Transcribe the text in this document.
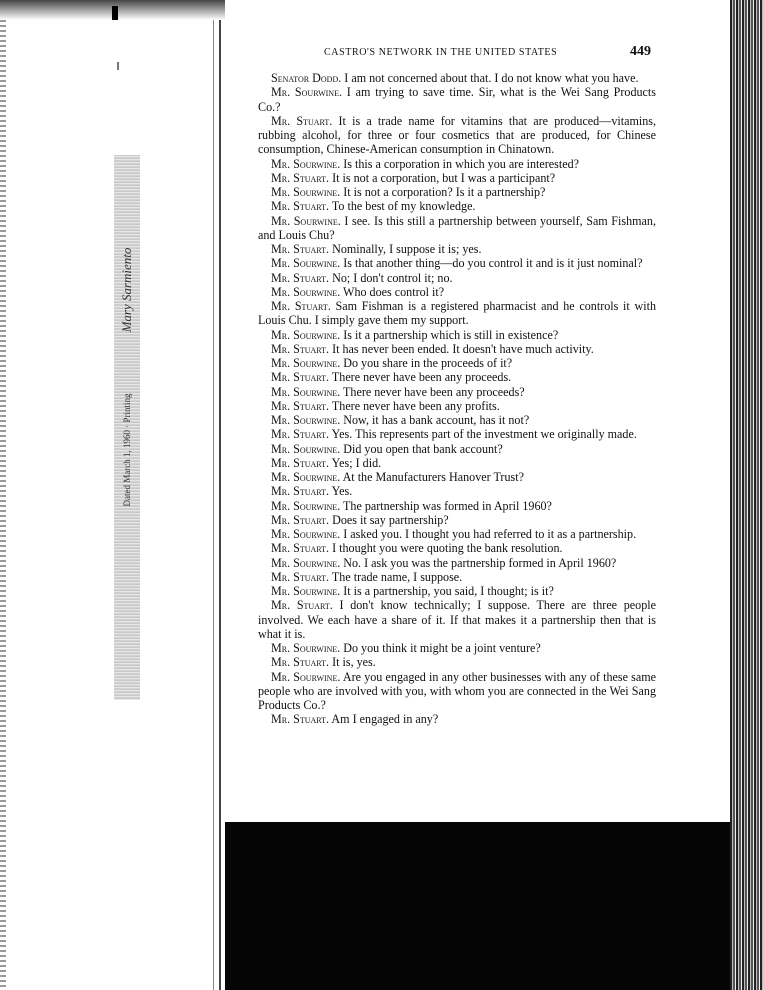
Dated March 1, 1960 · Printing
Mary Sarmiento
CASTRO'S NETWORK IN THE UNITED STATES	449

Senator Dodd. I am not concerned about that. I do not know what you have.

Mr. Sourwine. I am trying to save time. Sir, what is the Wei Sang Products Co.?

Mr. Stuart. It is a trade name for vitamins that are produced—vitamins, rubbing alcohol, for three or four cosmetics that are produced, for Chinese consumption, Chinese-American consumption in Chinatown.

Mr. Sourwine. Is this a corporation in which you are interested?

Mr. Stuart. It is not a corporation, but I was a participant?

Mr. Sourwine. It is not a corporation? Is it a partnership?

Mr. Stuart. To the best of my knowledge.

Mr. Sourwine. I see. Is this still a partnership between yourself, Sam Fishman, and Louis Chu?

Mr. Stuart. Nominally, I suppose it is; yes.

Mr. Sourwine. Is that another thing—do you control it and is it just nominal?

Mr. Stuart. No; I don't control it; no.

Mr. Sourwine. Who does control it?

Mr. Stuart. Sam Fishman is a registered pharmacist and he controls it with Louis Chu. I simply gave them my support.

Mr. Sourwine. Is it a partnership which is still in existence?

Mr. Stuart. It has never been ended. It doesn't have much activity.

Mr. Sourwine. Do you share in the proceeds of it?

Mr. Stuart. There never have been any proceeds.

Mr. Sourwine. There never have been any proceeds?

Mr. Stuart. There never have been any profits.

Mr. Sourwine. Now, it has a bank account, has it not?

Mr. Stuart. Yes. This represents part of the investment we originally made.

Mr. Sourwine. Did you open that bank account?

Mr. Stuart. Yes; I did.

Mr. Sourwine. At the Manufacturers Hanover Trust?

Mr. Stuart. Yes.

Mr. Sourwine. The partnership was formed in April 1960?

Mr. Stuart. Does it say partnership?

Mr. Sourwine. I asked you. I thought you had referred to it as a partnership.

Mr. Stuart. I thought you were quoting the bank resolution.

Mr. Sourwine. No. I ask you was the partnership formed in April 1960?

Mr. Stuart. The trade name, I suppose.

Mr. Sourwine. It is a partnership, you said, I thought; is it?

Mr. Stuart. I don't know technically; I suppose. There are three people involved. We each have a share of it. If that makes it a partnership then that is what it is.

Mr. Sourwine. Do you think it might be a joint venture?

Mr. Stuart. It is, yes.

Mr. Sourwine. Are you engaged in any other businesses with any of these same people who are involved with you, with whom you are connected in the Wei Sang Products Co.?

Mr. Stuart. Am I engaged in any?
